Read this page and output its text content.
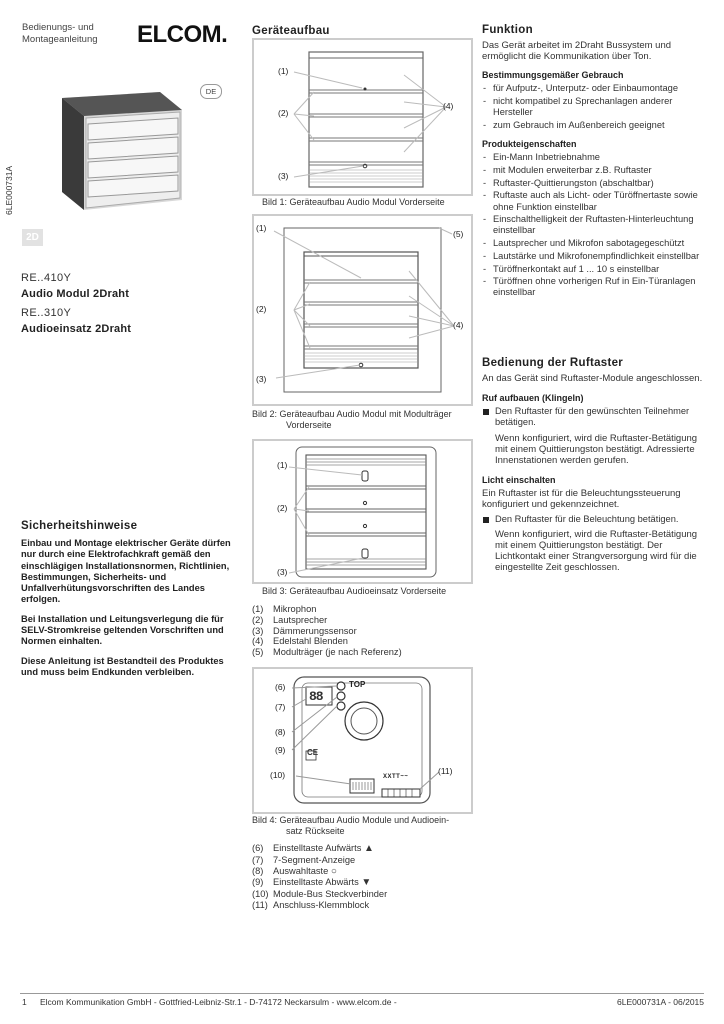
Bedienungs- und
Montageanleitung ELCOM.
DE
6LE000731A
2D
RE..410Y
Audio Modul 2Draht
RE..310Y
Audioeinsatz 2Draht
Sicherheitshinweise

Einbau und Montage elektrischer Geräte dürfen nur durch eine Elektrofachkraft gemäß den einschlägigen Installationsnormen, Richtlinien, Bestimmungen, Sicherheits- und Unfallverhütungsvorschriften des Landes erfolgen.

Bei Installation und Leitungsverlegung die für SELV-Stromkreise geltenden Vorschriften und Normen einhalten.

Diese Anleitung ist Bestandteil des Produktes und muss beim Endkunden verbleiben.

Geräteaufbau
(1)
(2)
(3)
(4)
Bild 1: Geräteaufbau Audio Modul Vorderseite
(1)
(2)
(3)
(4)
(5)
Bild 2: Geräteaufbau Audio Modul mit Modulträger
Vorderseite
(1)
(2)
(3)
Bild 3: Geräteaufbau Audioeinsatz Vorderseite
(1) Mikrophon
(2) Lautsprecher
(3) Dämmerungssensor
(4) Edelstahl Blenden
(5) Modulträger (je nach Referenz)
88
TOP
XXTT~~
CE
(6)
(7)
(8)
(9)
(10)	(11)
Bild 4: Geräteaufbau Audio Module und Audioein-
satz Rückseite
(6) Einstelltaste Aufwärts ▲
(7) 7-Segment-Anzeige
(8) Auswahltaste ○
(9) Einstelltaste Abwärts ▼
(10) Module-Bus Steckverbinder
(11) Anschluss-Klemmblock
Funktion
Das Gerät arbeitet im 2Draht Bussystem und ermöglicht die Kommunikation über Ton.
Bestimmungsgemäßer Gebrauch
- für Aufputz-, Unterputz- oder Einbaumontage
- nicht kompatibel zu Sprechanlagen anderer Hersteller
- zum Gebrauch im Außenbereich geeignet
Produkteigenschaften
- Ein-Mann Inbetriebnahme
- mit Modulen erweiterbar z.B. Ruftaster
- Ruftaster-Quittierungston (abschaltbar)
- Ruftaste auch als Licht- oder Türöffnertaste sowie ohne Funktion einstellbar
- Einschalthelligkeit der Ruftasten-Hinterleuchtung einstellbar
- Lautsprecher und Mikrofon sabotagegeschützt
- Lautstärke und Mikrofonempfindlichkeit einstellbar
- Türöffnerkontakt auf 1 ... 10 s einstellbar
- Türöffnen ohne vorherigen Ruf in Ein-Türanlagen einstellbar
Bedienung der Ruftaster
An das Gerät sind Ruftaster-Module angeschlossen.
Ruf aufbauen (Klingeln)
Den Ruftaster für den gewünschten Teilnehmer betätigen.
Wenn konfiguriert, wird die Ruftaster-Betätigung mit einem Quittierungston bestätigt. Adressierte Innenstationen werden gerufen.
Licht einschalten
Ein Ruftaster ist für die Beleuchtungssteuerung konfiguriert und gekennzeichnet.
Den Ruftaster für die Beleuchtung betätigen.
Wenn konfiguriert, wird die Ruftaster-Betätigung mit einem Quittierungston bestätigt. Der Lichtkontakt einer Strangversorgung wird für die eingestellte Zeit geschlossen.
1 Elcom Kommunikation GmbH - Gottfried-Leibniz-Str.1 - D-74172 Neckarsulm - www.elcom.de -	6LE000731A - 06/2015
